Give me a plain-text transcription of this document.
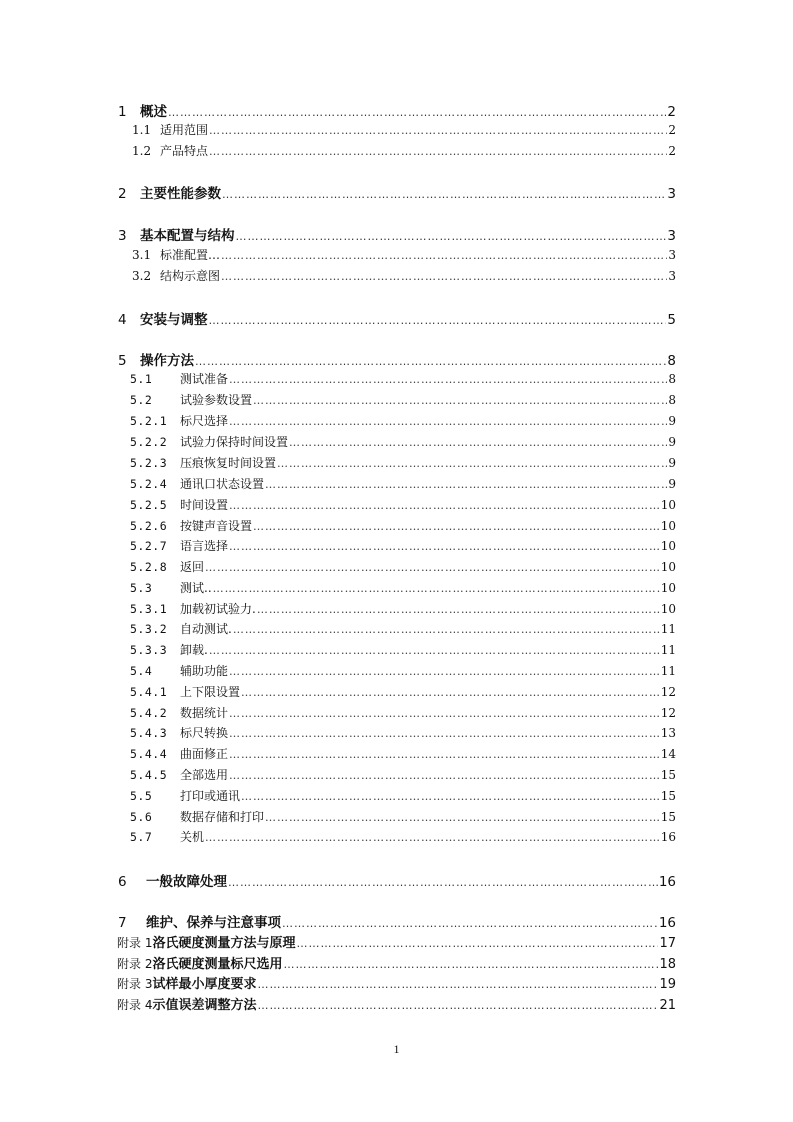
1 概述 …………………………………………………………………………………………………………………………………………………………………………………………	2
1.1 适用范围 …………………………………………………………………………………………………………………………………………………………………………………………	2
1.2 产品特点 …………………………………………………………………………………………………………………………………………………………………………………………	2
2 主要性能参数 …………………………………………………………………………………………………………………………………………………………………………………………	3
3 基本配置与结构 …………………………………………………………………………………………………………………………………………………………………………………………	3
3.1 标准配置… …………………………………………………………………………………………………………………………………………………………………………………………	3
3.2 结构示意图 …………………………………………………………………………………………………………………………………………………………………………………………	3
4 安装与调整 …………………………………………………………………………………………………………………………………………………………………………………………	5
5 操作方法 …………………………………………………………………………………………………………………………………………………………………………………………	8
5.1	测试准备 …………………………………………………………………………………………………………………………………………………………………………………………	8
5.2	试验参数设置 …………………………………………………………………………………………………………………………………………………………………………………………	8
5.2.1	标尺选择 …………………………………………………………………………………………………………………………………………………………………………………………	9
5.2.2	试验力保持时间设置 …………………………………………………………………………………………………………………………………………………………………………………………	9
5.2.3	压痕恢复时间设置 …………………………………………………………………………………………………………………………………………………………………………………………	9
5.2.4	通讯口状态设置 …………………………………………………………………………………………………………………………………………………………………………………………	9
5.2.5	时间设置 …………………………………………………………………………………………………………………………………………………………………………………………	10
5.2.6	按键声音设置 …………………………………………………………………………………………………………………………………………………………………………………………	10
5.2.7	语言选择 …………………………………………………………………………………………………………………………………………………………………………………………	10
5.2.8	返回 …………………………………………………………………………………………………………………………………………………………………………………………	10
5.3	测试.. …………………………………………………………………………………………………………………………………………………………………………………………	10
5.3.1	加载初试验力. …………………………………………………………………………………………………………………………………………………………………………………………	10
5.3.2	自动测试. …………………………………………………………………………………………………………………………………………………………………………………………	11
5.3.3	卸载. …………………………………………………………………………………………………………………………………………………………………………………………	11
5.4	辅助功能 …………………………………………………………………………………………………………………………………………………………………………………………	11
5.4.1	上下限设置 …………………………………………………………………………………………………………………………………………………………………………………………	12
5.4.2	数据统计 …………………………………………………………………………………………………………………………………………………………………………………………	12
5.4.3	标尺转换 …………………………………………………………………………………………………………………………………………………………………………………………	13
5.4.4	曲面修正 …………………………………………………………………………………………………………………………………………………………………………………………	14
5.4.5	全部选用 …………………………………………………………………………………………………………………………………………………………………………………………	15
5.5	打印或通讯 …………………………………………………………………………………………………………………………………………………………………………………………	15
5.6	数据存储和打印 …………………………………………………………………………………………………………………………………………………………………………………………	15
5.7	关机 …………………………………………………………………………………………………………………………………………………………………………………………	16
6	一般故障处理 …………………………………………………………………………………………………………………………………………………………………………………………	16
7	维护、保养与注意事项 …………………………………………………………………………………………………………………………………………………………………………………………	16
附录 1 洛氏硬度测量方法与原理 …………………………………………………………………………………………………………………………………………………………………………………………	17
附录 2 洛氏硬度测量标尺选用 …………………………………………………………………………………………………………………………………………………………………………………………	18
附录 3 试样最小厚度要求 …………………………………………………………………………………………………………………………………………………………………………………………	19
附录 4 示值误差调整方法 …………………………………………………………………………………………………………………………………………………………………………………………	21
1
